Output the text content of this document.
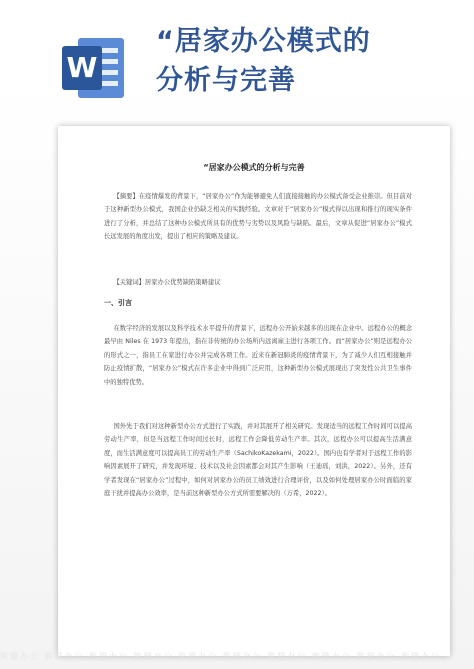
W
“居家办公模式的
分析与完善
“居家办公模式的分析与完善
【摘要】在疫情爆发的背景下，“居家办公”作为能够避免人们直接接触的办公模式备受企业推崇。但目前对于这种新型办公模式，我国企业仍缺乏相关的实践经验。文章对于“居家办公”模式得以出现和推行的现实条件进行了分析，并总结了这种办公模式所具有的优势与劣势以及风险与缺陷。最后，文章从促进“居家办公”模式长远发展的角度出发，提出了相应的策略及建议。
【关键词】居家办公优势缺陷策略建议
一、引言
在数字经济的发展以及科学技术水平提升的背景下，远程办公开始来越多的出现在企业中。远程办公的概念最早由 Niles 在 1973 年提出，指在非传统的办公场所内远离雇主进行各项工作。而“居家办公”则是远程办公的形式之一，指员工在家进行办公并完成各项工作。近来在新冠肺炎的疫情背景下，为了减少人们互相接触并防止疫情扩散，“居家办公”模式在许多企业中得到广泛应用，这种新型办公模式展现出了突发性公共卫生事件中的独特优势。
国外先于我们对这种新型办公方式进行了实践，并对其展开了相关研究。发现适当的远程工作时间可以提高劳动生产率，但是当远程工作时间过长时，远程工作会降低劳动生产率。其次，远程办公可以提高生活满意度，而生活满意度可以提高员工的劳动生产率（SachikoKazekami，2022）。国内也有学者对于远程工作的影响因素展开了研究，并发现环境、技术以及社会因素都会对其产生影响（王迪瑶，刘洪，2022）。另外，还有学者发现在“居家办公”过程中，如何对居家办公的员工绩效进行合理评价，以及如何处理居家办公时面临的家庭干扰并提高办公效率，是当前这种新型办公方式所需要解决的（万希，2022）。
熊猫办公 熊猫办公 熊猫办公 熊猫办公 熊猫办公 熊猫办公 熊猫办公 熊猫办公 熊猫办公 熊猫办公
